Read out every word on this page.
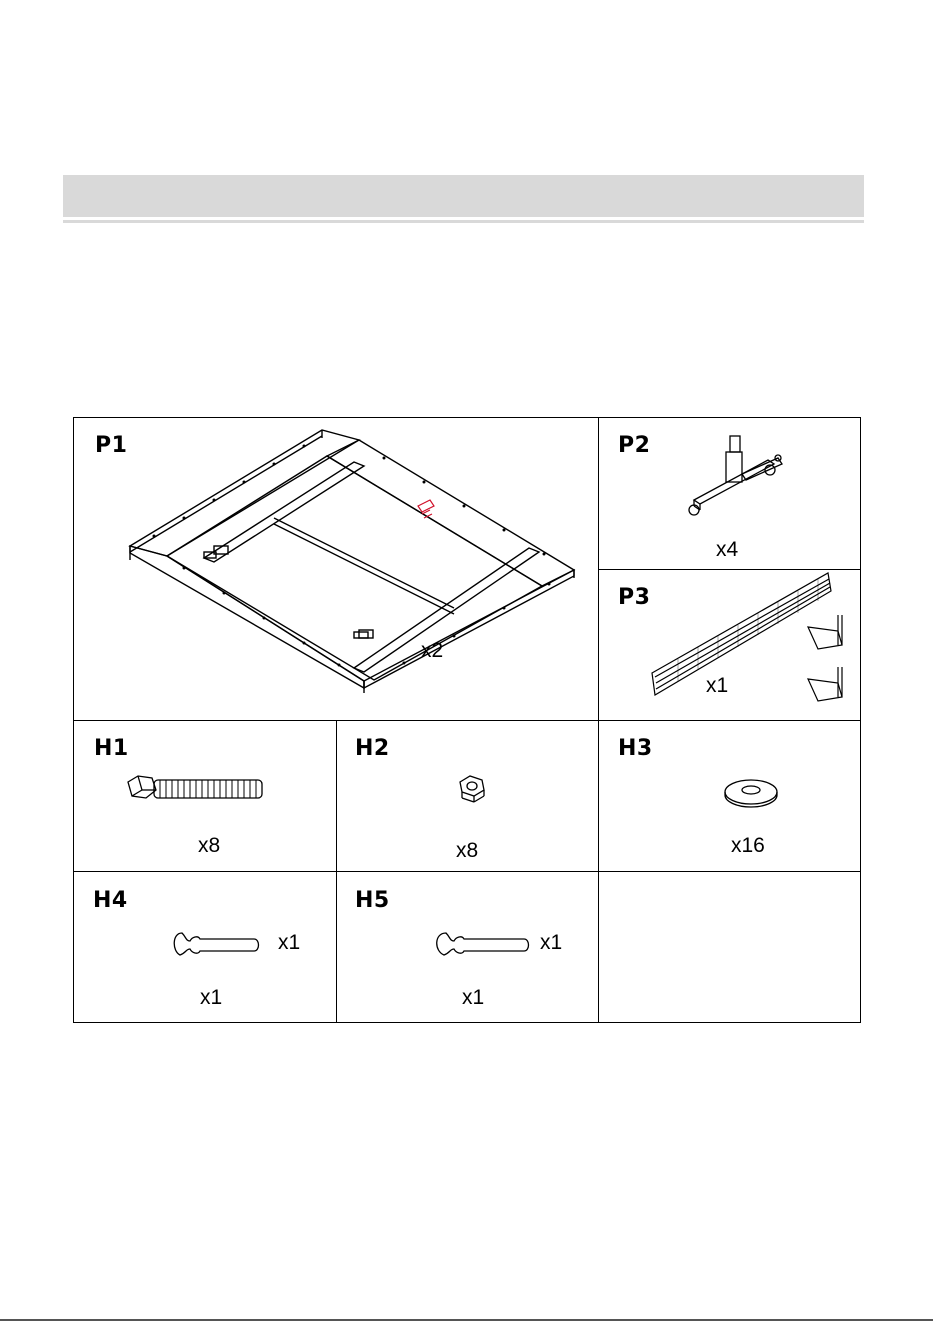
P1
x2
P2
x4
P3
x1
H1
x8
H2
x8
H3
x16
H4
x1
x1
H5
x1
x1
